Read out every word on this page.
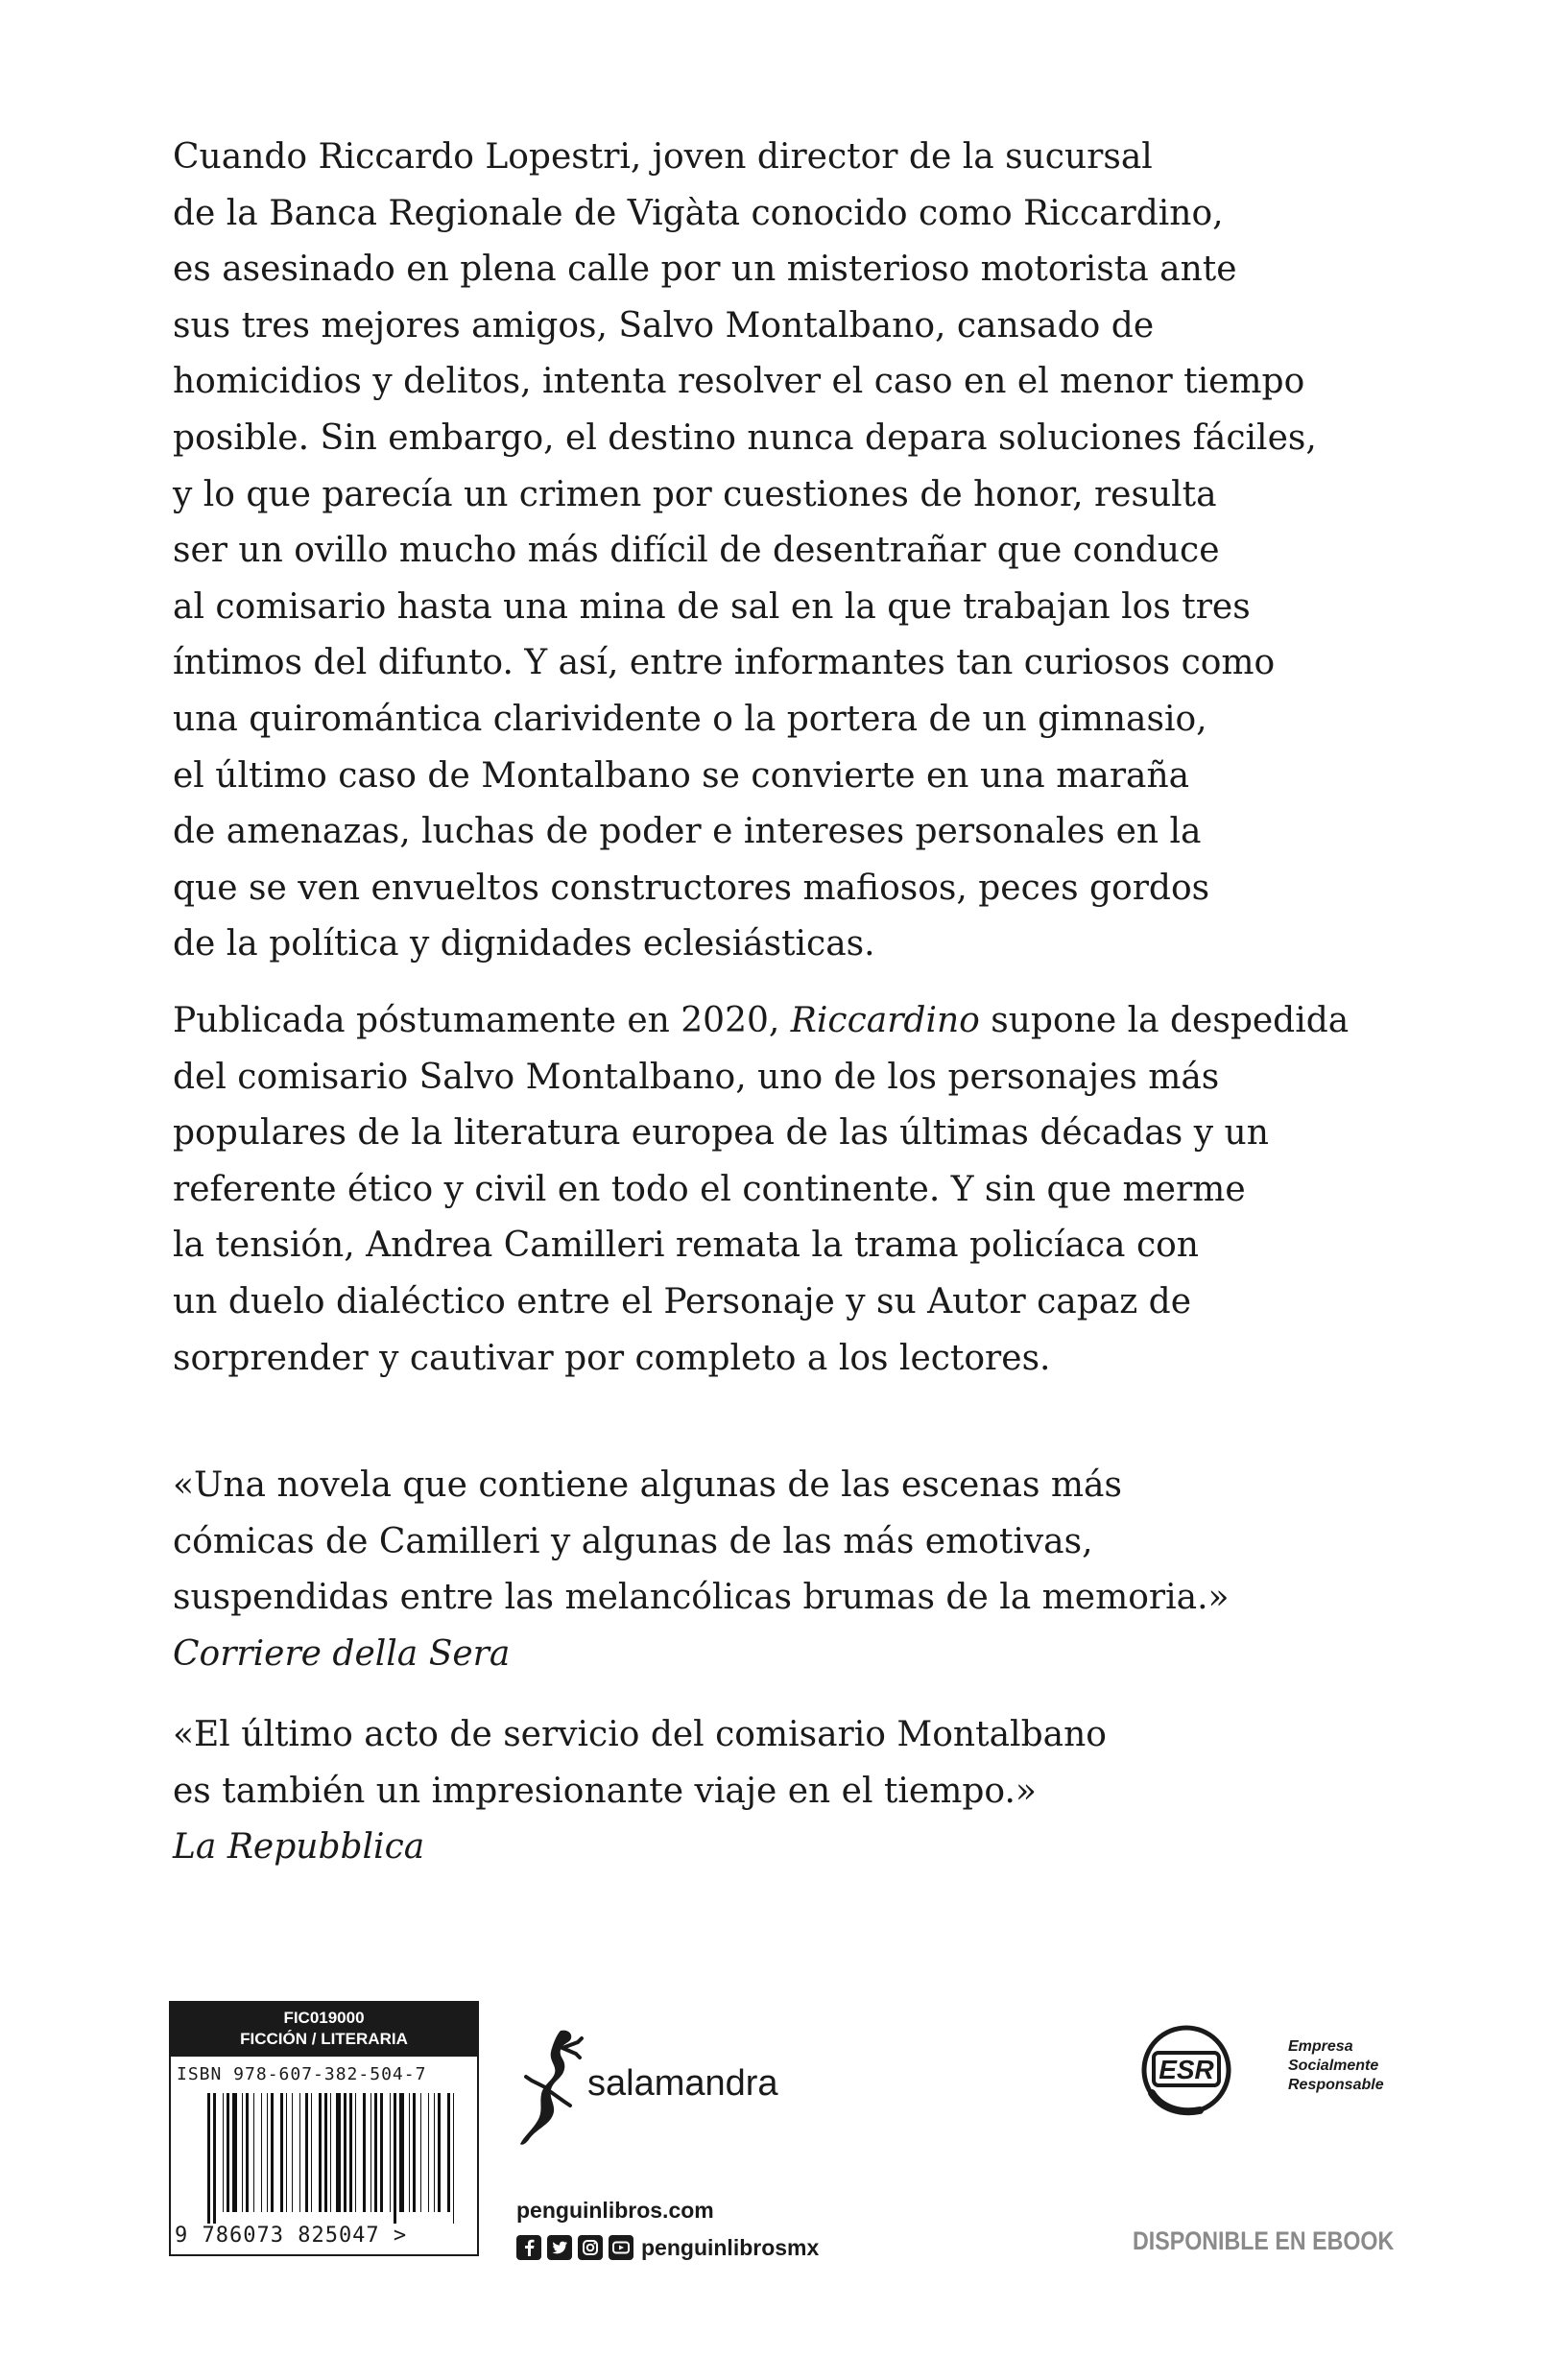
Cuando Riccardo Lopestri, joven director de la sucursal
de la Banca Regionale de Vigàta conocido como Riccardino,
es asesinado en plena calle por un misterioso motorista ante
sus tres mejores amigos, Salvo Montalbano, cansado de
homicidios y delitos, intenta resolver el caso en el menor tiempo
posible. Sin embargo, el destino nunca depara soluciones fáciles,
y lo que parecía un crimen por cuestiones de honor, resulta
ser un ovillo mucho más difícil de desentrañar que conduce
al comisario hasta una mina de sal en la que trabajan los tres
íntimos del difunto. Y así, entre informantes tan curiosos como
una quiromántica clarividente o la portera de un gimnasio,
el último caso de Montalbano se convierte en una maraña
de amenazas, luchas de poder e intereses personales en la
que se ven envueltos constructores mafiosos, peces gordos
de la política y dignidades eclesiásticas.

Publicada póstumamente en 2020, Riccardino supone la despedida
del comisario Salvo Montalbano, uno de los personajes más
populares de la literatura europea de las últimas décadas y un
referente ético y civil en todo el continente. Y sin que merme
la tensión, Andrea Camilleri remata la trama policíaca con
un duelo dialéctico entre el Personaje y su Autor capaz de
sorprender y cautivar por completo a los lectores.

«Una novela que contiene algunas de las escenas más
cómicas de Camilleri y algunas de las más emotivas,
suspendidas entre las melancólicas brumas de la memoria.»
Corriere della Sera

«El último acto de servicio del comisario Montalbano
es también un impresionante viaje en el tiempo.»
La Repubblica

FIC019000
FICCIÓN / LITERARIA
ISBN 978-607-382-504-7
9 786073 825047 >
salamandra
penguinlibros.com
penguinlibrosmx
ESR
Empresa
Socialmente
Responsable
DISPONIBLE EN EBOOK
